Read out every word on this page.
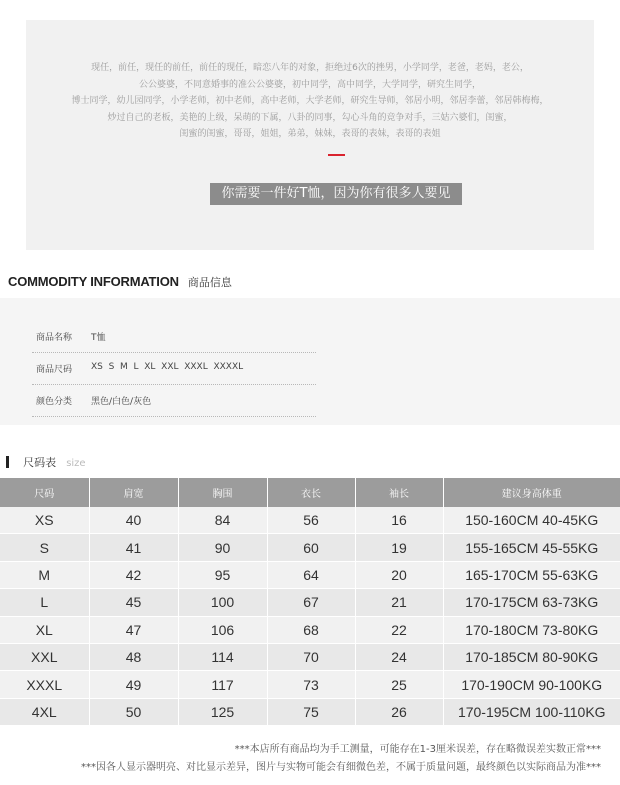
现任，前任，现任的前任，前任的现任，暗恋八年的对象，拒绝过6次的挫男，小学同学，老爸，老妈，老公，
公公婆婆，不同意婚事的准公公婆婆，初中同学，高中同学，大学同学，研究生同学，
博士同学，幼儿园同学，小学老师，初中老师，高中老师，大学老师，研究生导师，邻居小明，邻居李蕾，邻居韩梅梅，
炒过自己的老板，美艳的上级，呆萌的下属，八卦的同事，勾心斗角的竞争对手，三姑六婆们，闺蜜，
闺蜜的闺蜜，哥哥，姐姐，弟弟，妹妹，表哥的表妹，表哥的表姐
你需要一件好T恤，因为你有很多人要见
COMMODITY INFORMATION 商品信息
商品名称 T恤
商品尺码 XS  S  M  L  XL  XXL  XXXL  XXXXL
颜色分类 黑色/白色/灰色
尺码表 size
尺码	肩宽	胸围	衣长	袖长	建议身高体重
XS	40	84	56	16	150-160CM 40-45KG
S	41	90	60	19	155-165CM 45-55KG
M	42	95	64	20	165-170CM 55-63KG
L	45	100	67	21	170-175CM 63-73KG
XL	47	106	68	22	170-180CM 73-80KG
XXL	48	114	70	24	170-185CM 80-90KG
XXXL	49	117	73	25	170-190CM 90-100KG
4XL	50	125	75	26	170-195CM 100-110KG
***本店所有商品均为手工测量，可能存在1-3厘米误差，存在略微误差实数正常***
***因各人显示器明亮、对比显示差异，图片与实物可能会有细微色差，不属于质量问题，最终颜色以实际商品为准***
